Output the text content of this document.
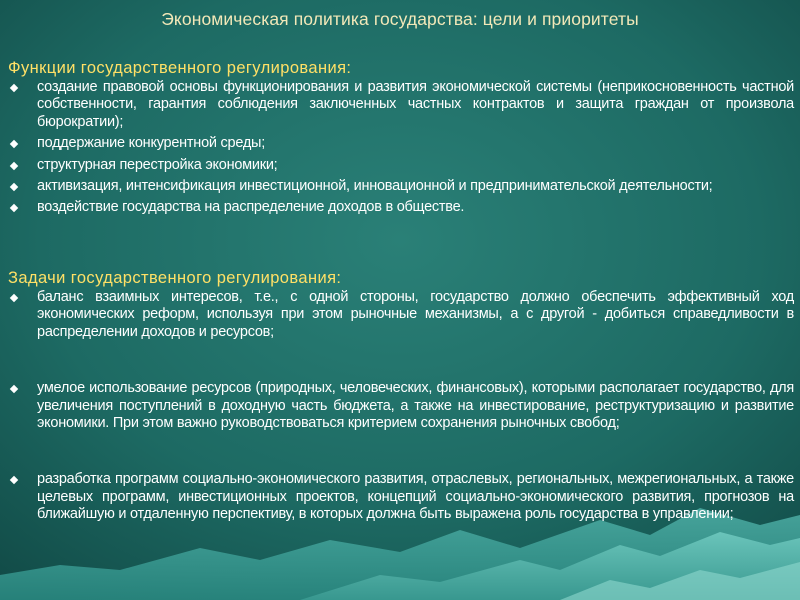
Экономическая политика государства: цели и приоритеты
Функции государственного регулирования:
создание правовой основы функционирования и развития экономической системы (неприкосновенность частной собственности, гарантия соблюдения заключенных частных контрактов и защита граждан от произвола бюрократии);
поддержание конкурентной среды;
структурная перестройка экономики;
активизация, интенсификация инвестиционной, инновационной и предпринимательской деятельности;
воздействие государства на распределение доходов в обществе.
Задачи государственного регулирования:
баланс взаимных интересов, т.е., с одной стороны, государство должно обеспечить эффективный ход экономических реформ, используя при этом рыночные механизмы, а с другой - добиться справедливости в распределении доходов и ресурсов;
умелое использование ресурсов (природных, человеческих, финансовых), которыми располагает государство, для увеличения поступлений в доходную часть бюджета, а также на инвестирование, реструктуризацию и развитие экономики. При этом важно руководствоваться критерием сохранения рыночных свобод;
разработка программ социально-экономического развития, отраслевых, региональных, межрегиональных, а также целевых программ, инвестиционных проектов, концепций социально-экономического развития, прогнозов на ближайшую и отдаленную перспективу, в которых должна быть выражена роль государства в управлении;
